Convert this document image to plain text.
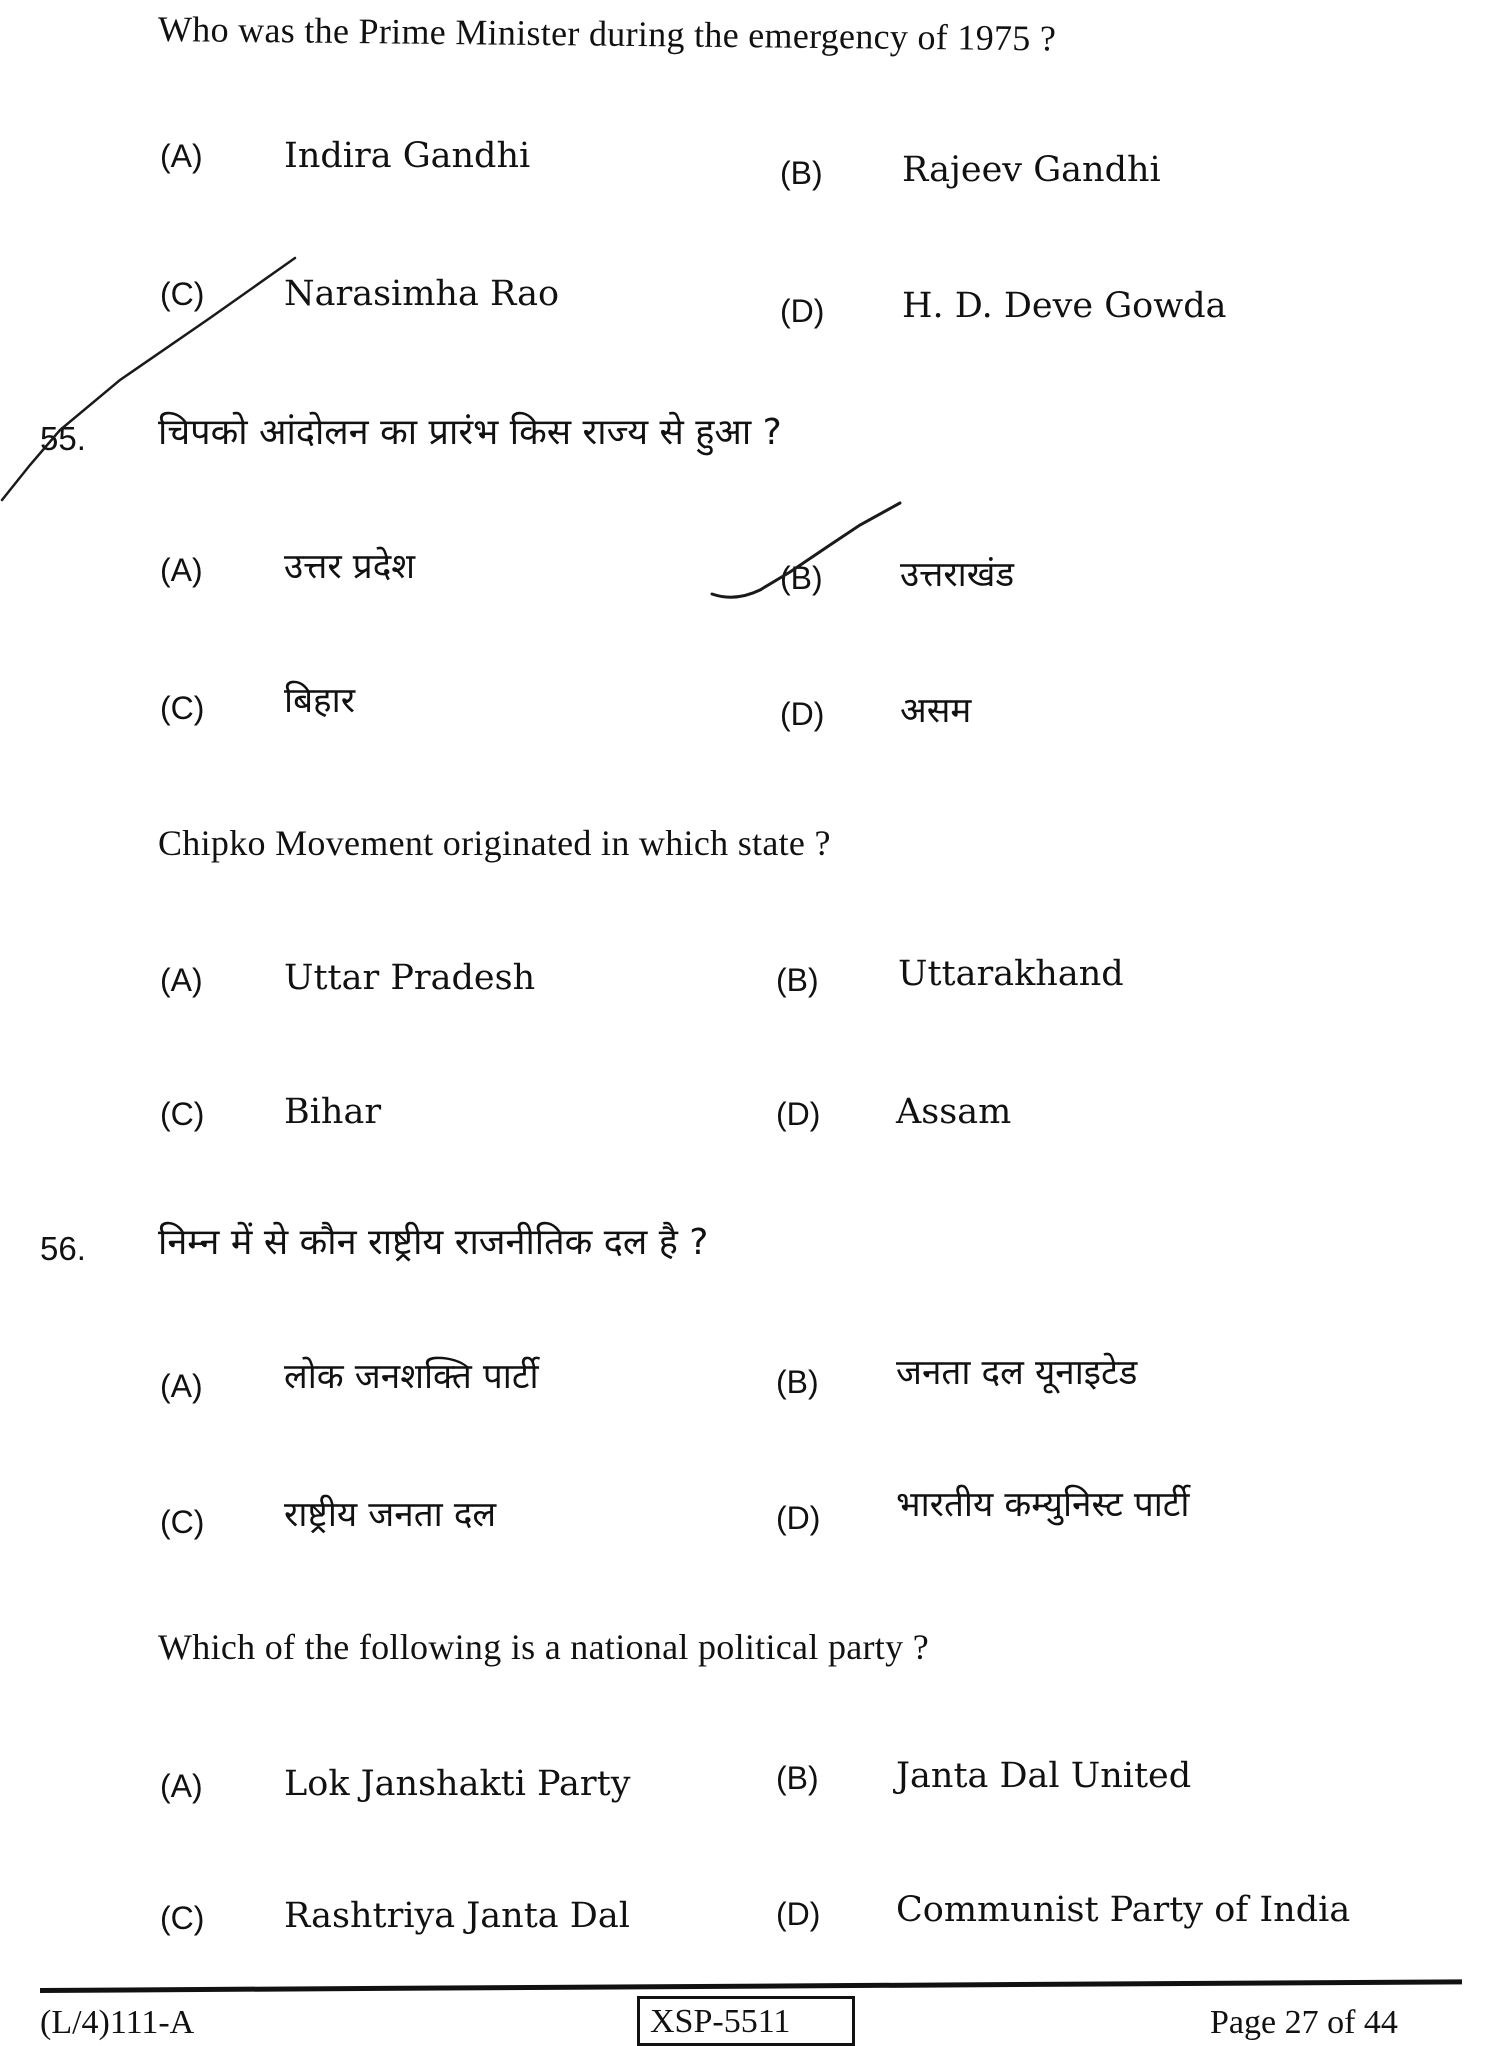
Who was the Prime Minister during the emergency of 1975 ?
(A) Indira Gandhi	(B) Rajeev Gandhi
(C) Narasimha Rao	(D) H. D. Deve Gowda
55. चिपको आंदोलन का प्रारंभ किस राज्य से हुआ ?
(A) उत्तर प्रदेश	(B) उत्तराखंड
(C) बिहार	(D) असम
Chipko Movement originated in which state ?
(A) Uttar Pradesh	(B) Uttarakhand
(C) Bihar	(D) Assam
56. निम्न में से कौन राष्ट्रीय राजनीतिक दल है ?
(A) लोक जनशक्ति पार्टी	(B) जनता दल यूनाइटेड
(C) राष्ट्रीय जनता दल	(D) भारतीय कम्युनिस्ट पार्टी
Which of the following is a national political party ?
(A) Lok Janshakti Party	(B) Janta Dal United
(C) Rashtriya Janta Dal	(D) Communist Party of India
(L/4)111-A	XSP-5511	Page 27 of 44
